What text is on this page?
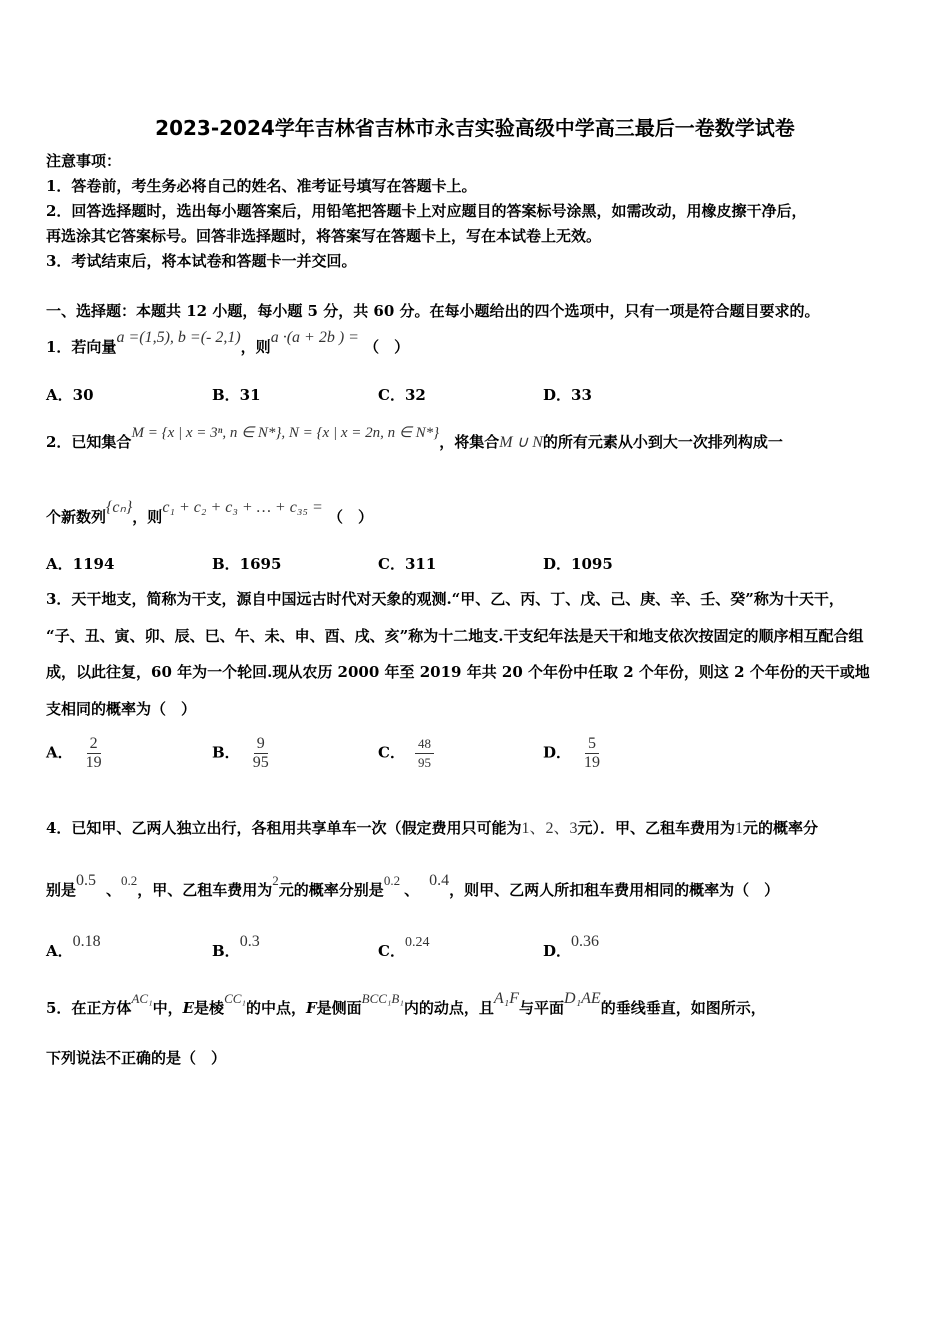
2023-2024学年吉林省吉林市永吉实验高级中学高三最后一卷数学试卷
注意事项：
1．答卷前，考生务必将自己的姓名、准考证号填写在答题卡上。
2．回答选择题时，选出每小题答案后，用铅笔把答题卡上对应题目的答案标号涂黑，如需改动，用橡皮擦干净后，
再选涂其它答案标号。回答非选择题时，将答案写在答题卡上，写在本试卷上无效。
3．考试结束后，将本试卷和答题卡一并交回。
一、选择题：本题共 12 小题，每小题 5 分，共 60 分。在每小题给出的四个选项中，只有一项是符合题目要求的。
1．若向量a =(1,5), b =(- 2,1)，则a ·(a + 2b ) = （　）
A．30	B．31	C．32	D．33
2．已知集合M = {x | x = 3ⁿ, n ∈ N*}, N = {x | x = 2n, n ∈ N*}，将集合M ∪ N的所有元素从小到大一次排列构成一
个新数列{cₙ}，则c₁ + c₂ + c₃ + … + c₃₅ = （　）
A．1194	B．1695	C．311	D．1095
3．天干地支，简称为干支，源自中国远古时代对天象的观测.“甲、乙、丙、丁、戊、己、庚、辛、壬、癸”称为十天干，
“子、丑、寅、卯、辰、巳、午、未、申、酉、戌、亥”称为十二地支.干支纪年法是天干和地支依次按固定的顺序相互配合组
成，以此往复，60 年为一个轮回.现从农历 2000 年至 2019 年共 20 个年份中任取 2 个年份，则这 2 个年份的天干或地
支相同的概率为（　）
A． $\frac{2}{19}$	B． $\frac{9}{95}$	C． $\frac{48}{95}$	D． $\frac{5}{19}$
4．已知甲、乙两人独立出行，各租用共享单车一次（假定费用只可能为1、2、3元）．甲、乙租车费用为1元的概率分
别是0.5、0.2，甲、乙租车费用为2元的概率分别是0.2、0.4，则甲、乙两人所扣租车费用相同的概率为（　）
A．0.18
B．0.3
C．0.24	D．0.36
5．在正方体AC₁中，E是棱CC₁的中点，F是侧面BCC₁B₁内的动点，且A₁F与平面D₁AE的垂线垂直，如图所示，
下列说法不正确的是（　）
